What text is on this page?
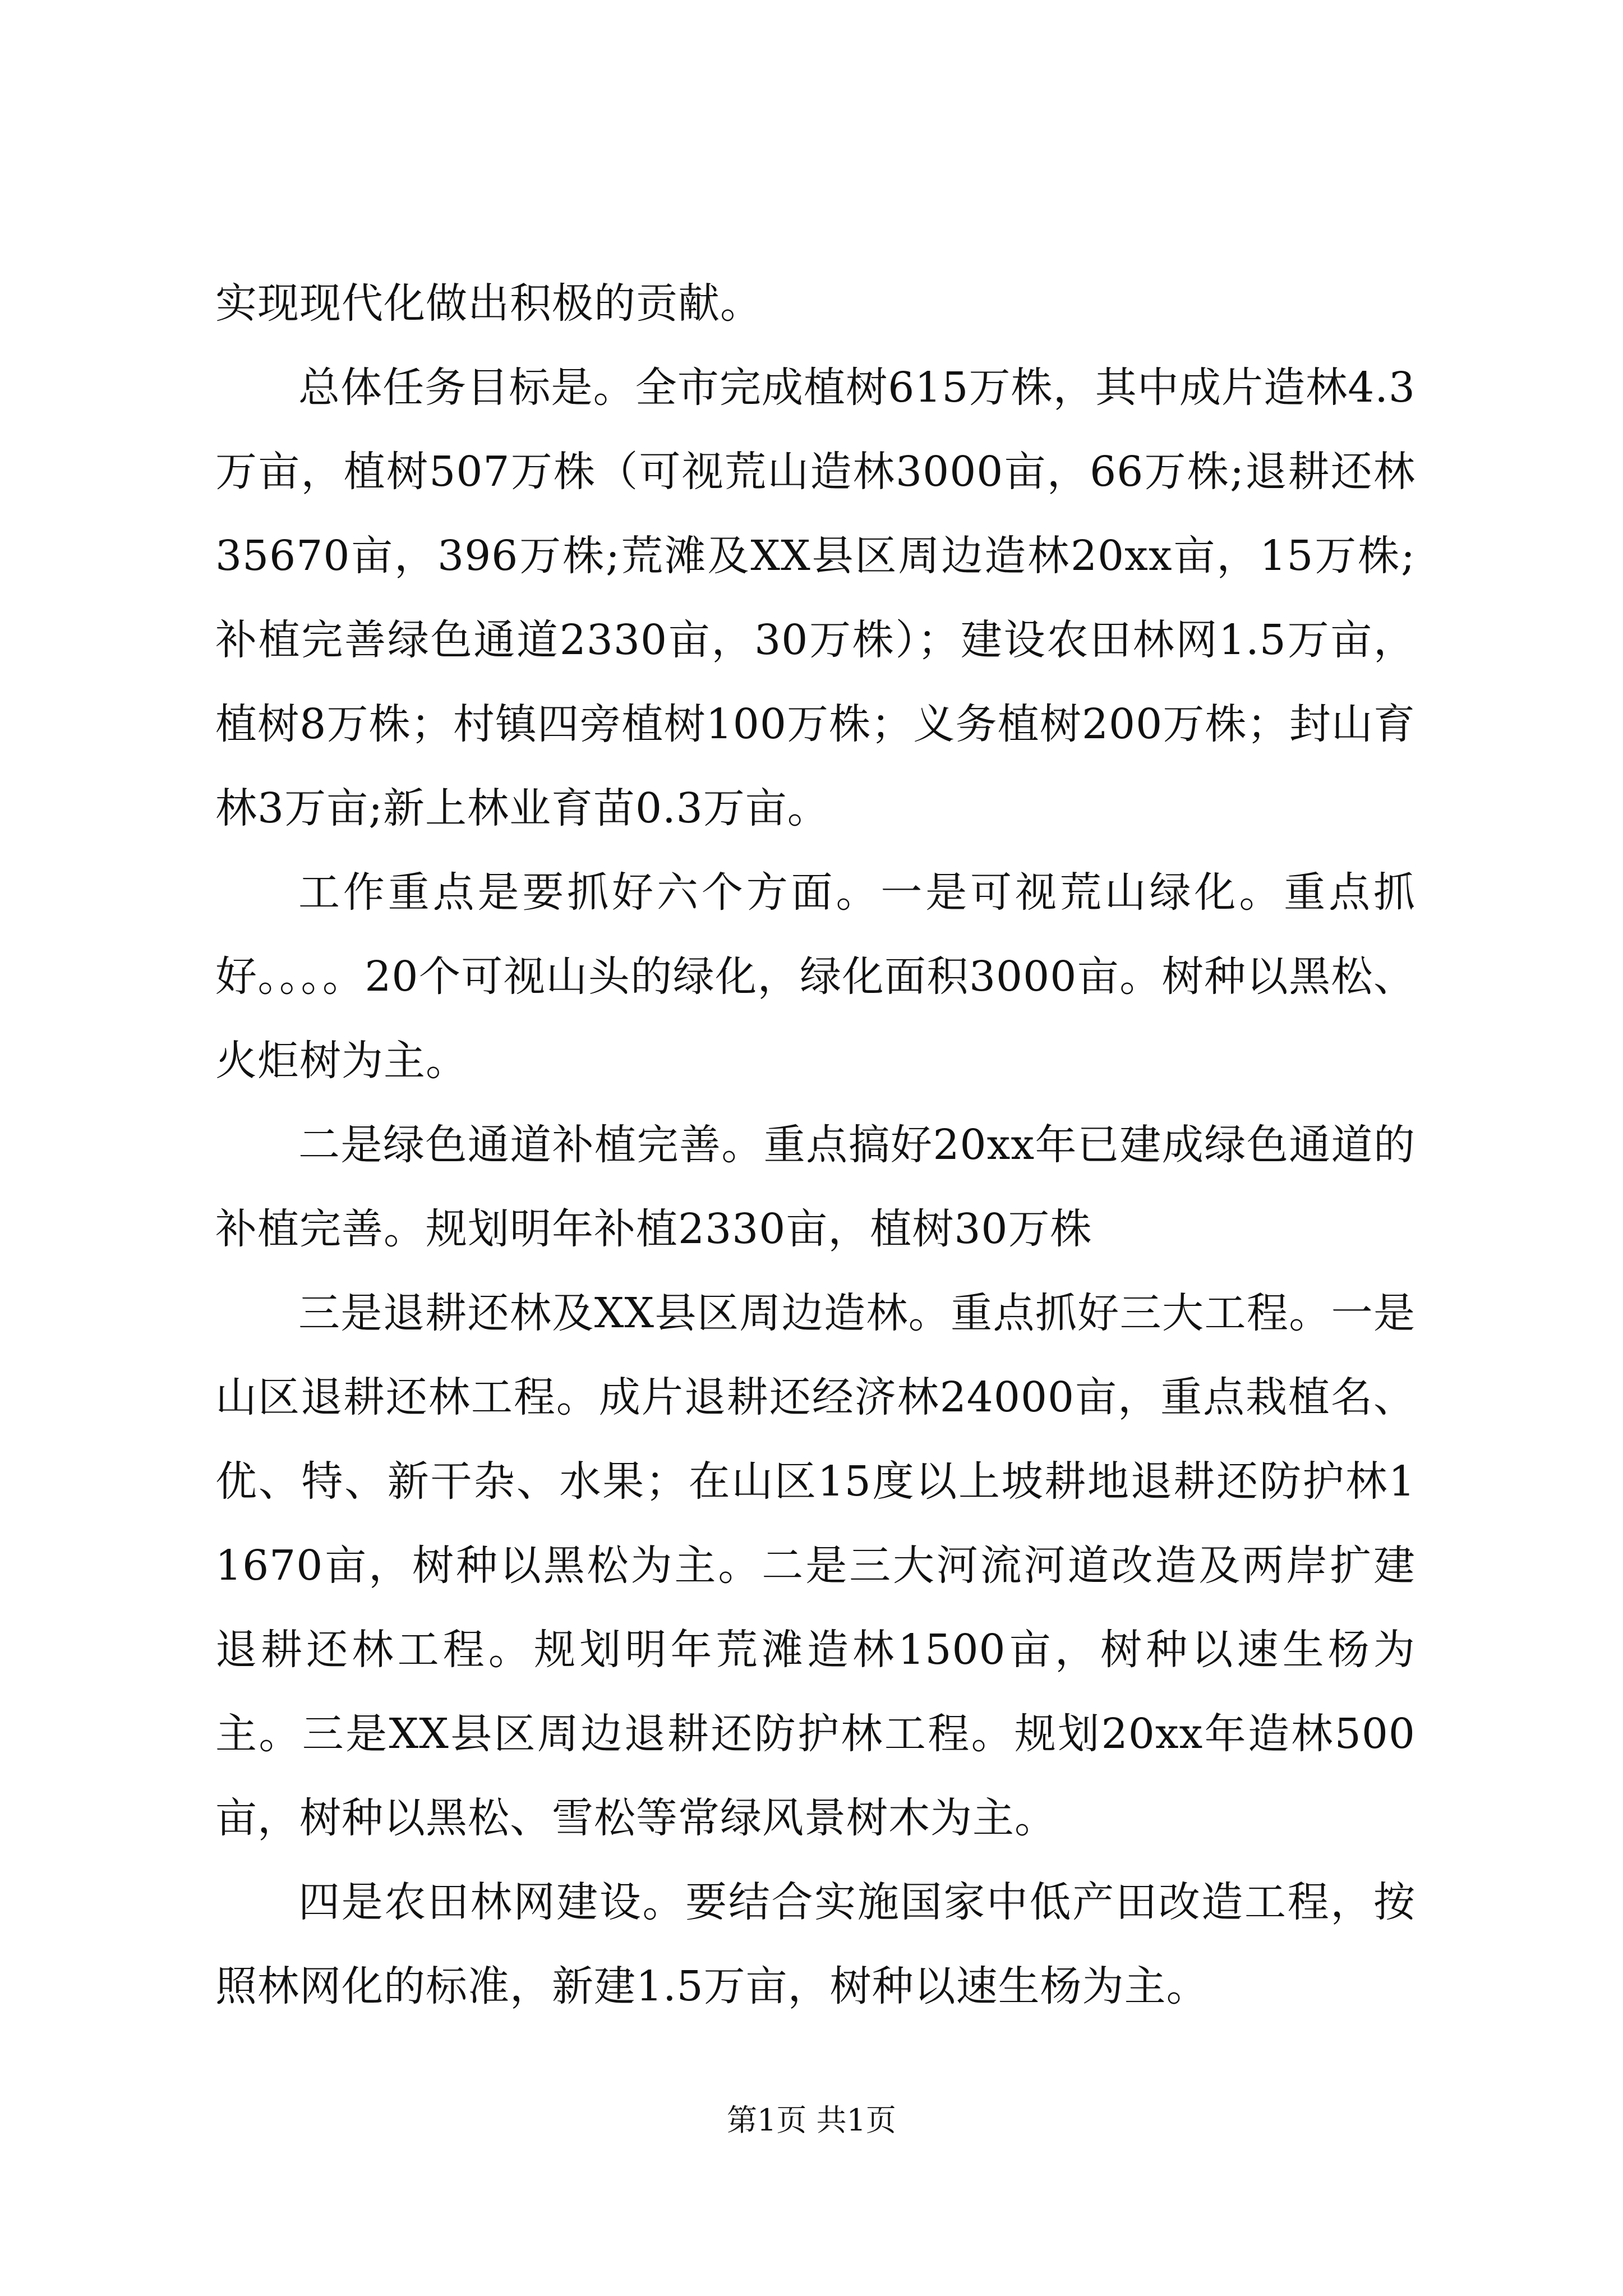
实现现代化做出积极的贡献。

总体任务目标是。全市完成植树615万株，其中成片造林4.3万亩，植树507万株（可视荒山造林3000亩，66万株;退耕还林35670亩，396万株;荒滩及XX县区周边造林20xx亩，15万株;补植完善绿色通道2330亩，30万株）；建设农田林网1.5万亩，植树8万株；村镇四旁植树100万株；义务植树200万株；封山育林3万亩;新上林业育苗0.3万亩。

工作重点是要抓好六个方面。一是可视荒山绿化。重点抓好。。。。20个可视山头的绿化，绿化面积3000亩。树种以黑松、火炬树为主。

二是绿色通道补植完善。重点搞好20xx年已建成绿色通道的补植完善。规划明年补植2330亩，植树30万株

三是退耕还林及XX县区周边造林。重点抓好三大工程。一是山区退耕还林工程。成片退耕还经济林24000亩，重点栽植名、优、特、新干杂、水果；在山区15度以上坡耕地退耕还防护林11670亩，树种以黑松为主。二是三大河流河道改造及两岸扩建退耕还林工程。规划明年荒滩造林1500亩，树种以速生杨为主。三是XX县区周边退耕还防护林工程。规划20xx年造林500亩，树种以黑松、雪松等常绿风景树木为主。

四是农田林网建设。要结合实施国家中低产田改造工程，按照林网化的标准，新建1.5万亩，树种以速生杨为主。

第1页 共1页
